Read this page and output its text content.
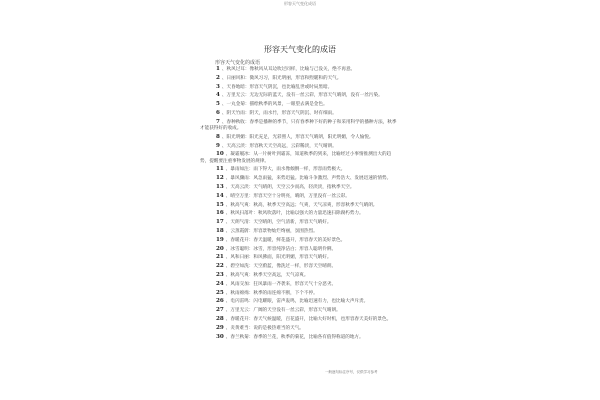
形容天气变化成语
形容天气变化的成语
形容天气变化的成语
1 、秋风过耳：像秋风从耳边吹过同样，比喻与己没关，绝不再意。
2 、日丽风和：微风习习，阳光明丽，形容和煦暖和的天气。
3 、天昏地暗：形容天气阴沉，也比喻乱世或时局黑暗。
4 、万里无云：无边无际的蓝天，没有一丝云彩，形容天气晴朗，没有一丝污染。
5 、一丸金菊：描绘秋季的风景，一眼望去满是金色。
6 、阴天竹雨：阴天，雨水竹，形容天气阴沉、时有细雨。
7 、春种秋收：春季是播种的季节，只有春季种下好的种子和采用科学的播种方法，秋季才能获得好的收成。
8 、阳光明媚：阳光充足，光彩照人，形容天气晴朗，阳光明媚，令人愉悦。
9 、天高云淡：形容秋天天空高远，云彩稀淡，天气晴朗。
10 、凝霜履冰：从一片树叶到霜冻，知道秋季的到来，比喻经过小事情推测出大的趋势，提醒要注重事物发展的规律。
11 、暴雨如注：雨下得大，雨水像倾倒一样，形容雨势极大。
12 、暴风骤雨：风急雨猛，来势迅猛。比喻斗争激烈、声势浩大、发展迅速的情势。
13 、天高云淡：天气晴朗，天空云少而高，轻淡淡，指秋季天空。
14 、晴空万里：形容天空十分明亮，晴朗，万里没有一丝云彩。
15 、秋高气爽：秋高，秋季天空高远；气爽，天气凉爽，形容秋季天气晴朗。
16 、秋风扫落叶：秋风吹落叶，比喻以强大的力量迅速扫除腐朽势力。
17 、天朗气清：天空晴朗，空气清新，形容天气晴好。
18 、云蒸霞蔚：形容景物灿烂绚丽，氛围热烈。
19 、春暖花开：春天温暖，鲜花盛开，形容春天的美好景色。
20 、冰雪聪明：冰雪，形容纯净洁白；形容人聪明伶俐。
21 、风和日丽：和风拂面，阳光明媚，形容天气晴好。
22 、碧空如洗：天空蔚蓝，像洗过一样，形容天空晴朗。
23 、秋高气爽：秋季天空高远，天气凉爽。
24 、风雨交加：狂风暴雨一齐袭来，形容天气十分恶劣。
25 、秋雨绵绵：秋季的雨连绵不断，下个不停。
26 、电闪雷鸣：闪电耀眼，雷声轰鸣，比喻迅速有力，也比喻大声斥责。
27 、万里无云：广阔的天空没有一丝云彩，形容天气晴朗。
28 、春暖花开：春天气候温暖，百花盛开，比喻大好时机，也形容春天美好的景色。
29 、炎黄难当：说的是极热难当的天气。
30 、春兰秋菊：春季的兰花，秋季的菊花，比喻各有值得称道的地方。
一般逐句标注序号，仅供学习参考
